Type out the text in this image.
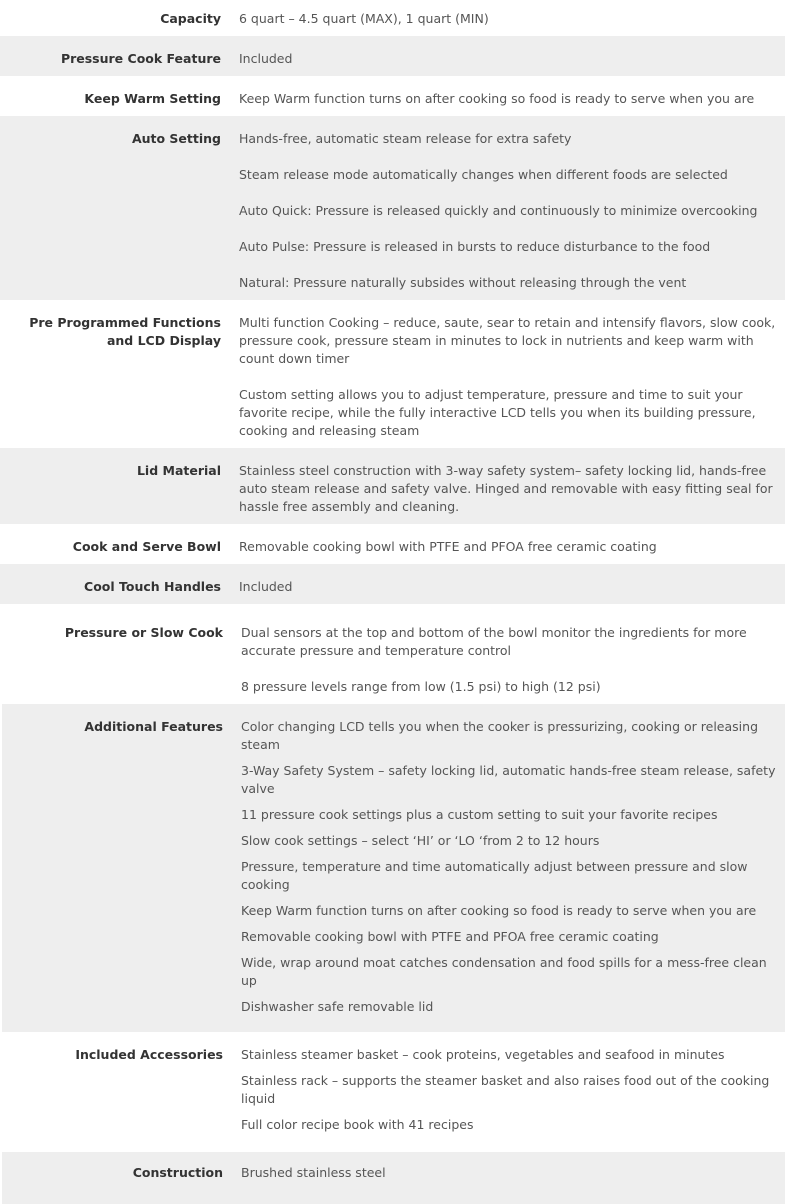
Capacity 6 quart – 4.5 quart (MAX), 1 quart (MIN)

Pressure Cook Feature Included

Keep Warm Setting Keep Warm function turns on after cooking so food is ready to serve when you are

Auto Setting Hands-free, automatic steam release for extra safety

Steam release mode automatically changes when different foods are selected

Auto Quick: Pressure is released quickly and continuously to minimize overcooking

Auto Pulse: Pressure is released in bursts to reduce disturbance to the food

Natural: Pressure naturally subsides without releasing through the vent

Pre Programmed Functions and LCD Display

Multi function Cooking – reduce, saute, sear to retain and intensify flavors, slow cook, pressure cook, pressure steam in minutes to lock in nutrients and keep warm with count down timer

Custom setting allows you to adjust temperature, pressure and time to suit your favorite recipe, while the fully interactive LCD tells you when its building pressure, cooking and releasing steam

Lid Material Stainless steel construction with 3-way safety system– safety locking lid, hands-free auto steam release and safety valve. Hinged and removable with easy fitting seal for hassle free assembly and cleaning.

Cook and Serve Bowl Removable cooking bowl with PTFE and PFOA free ceramic coating

Cool Touch Handles Included

Pressure or Slow Cook Dual sensors at the top and bottom of the bowl monitor the ingredients for more accurate pressure and temperature control

8 pressure levels range from low (1.5 psi) to high (12 psi)

Additional Features Color changing LCD tells you when the cooker is pressurizing, cooking or releasing steam

3-Way Safety System – safety locking lid, automatic hands-free steam release, safety valve

11 pressure cook settings plus a custom setting to suit your favorite recipes

Slow cook settings – select ‘HI’ or ‘LO ‘from 2 to 12 hours

Pressure, temperature and time automatically adjust between pressure and slow cooking

Keep Warm function turns on after cooking so food is ready to serve when you are

Removable cooking bowl with PTFE and PFOA free ceramic coating

Wide, wrap around moat catches condensation and food spills for a mess-free clean up

Dishwasher safe removable lid

Included Accessories Stainless steamer basket – cook proteins, vegetables and seafood in minutes

Stainless rack – supports the steamer basket and also raises food out of the cooking liquid

Full color recipe book with 41 recipes

Construction Brushed stainless steel
